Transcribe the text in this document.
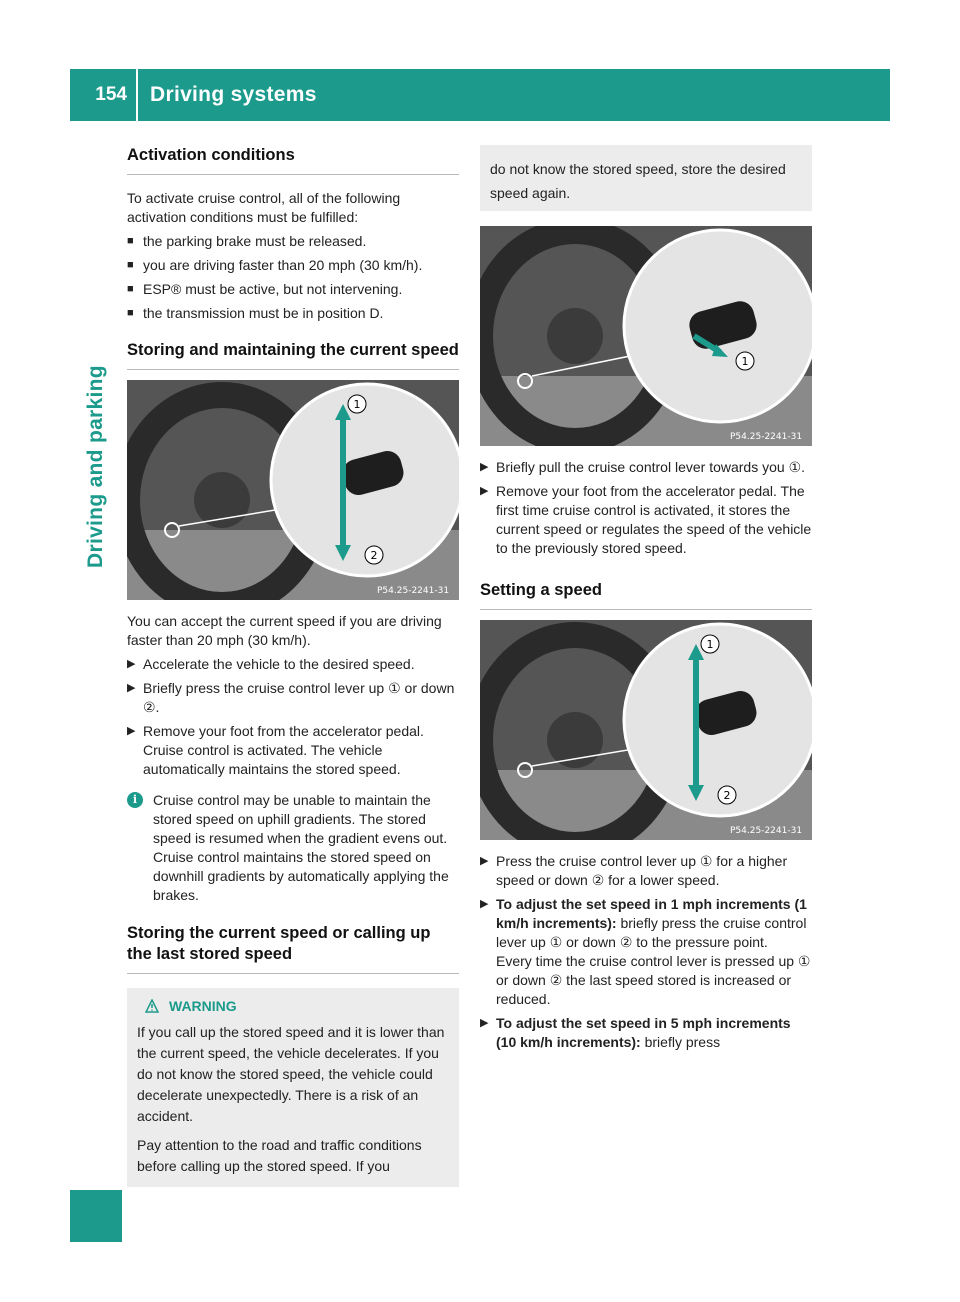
154 Driving systems
Driving and parking
Activation conditions

To activate cruise control, all of the following activation conditions must be fulfilled:

■ the parking brake must be released.
■ you are driving faster than 20 mph (30 km/h).
■ ESP® must be active, but not intervening.
■ the transmission must be in position D.
Storing and maintaining the current speed
1
2
P54.25-2241-31

You can accept the current speed if you are driving faster than 20 mph (30 km/h).

▶ Accelerate the vehicle to the desired speed.
▶ Briefly press the cruise control lever up ① or down ②.
▶ Remove your foot from the accelerator pedal. Cruise control is activated. The vehicle automatically maintains the stored speed.
i	Cruise control may be unable to maintain the stored speed on uphill gradients. The stored speed is resumed when the gradient evens out. Cruise control maintains the stored speed on downhill gradients by automatically applying the brakes.
Storing the current speed or calling up the last stored speed
WARNING

If you call up the stored speed and it is lower than the current speed, the vehicle decelerates. If you do not know the stored speed, the vehicle could decelerate unexpectedly. There is a risk of an accident.

Pay attention to the road and traffic conditions before calling up the stored speed. If you

do not know the stored speed, store the desired speed again.

1
P54.25-2241-31
▶ Briefly pull the cruise control lever towards you ①.
▶ Remove your foot from the accelerator pedal. The first time cruise control is activated, it stores the current speed or regulates the speed of the vehicle to the previously stored speed.
Setting a speed
1
2
P54.25-2241-31
▶ Press the cruise control lever up ① for a higher speed or down ② for a lower speed.
▶ To adjust the set speed in 1 mph increments (1 km/h increments): briefly press the cruise control lever up ① or down ② to the pressure point.
Every time the cruise control lever is pressed up ① or down ② the last speed stored is increased or reduced.
▶ To adjust the set speed in 5 mph increments (10 km/h increments): briefly press
